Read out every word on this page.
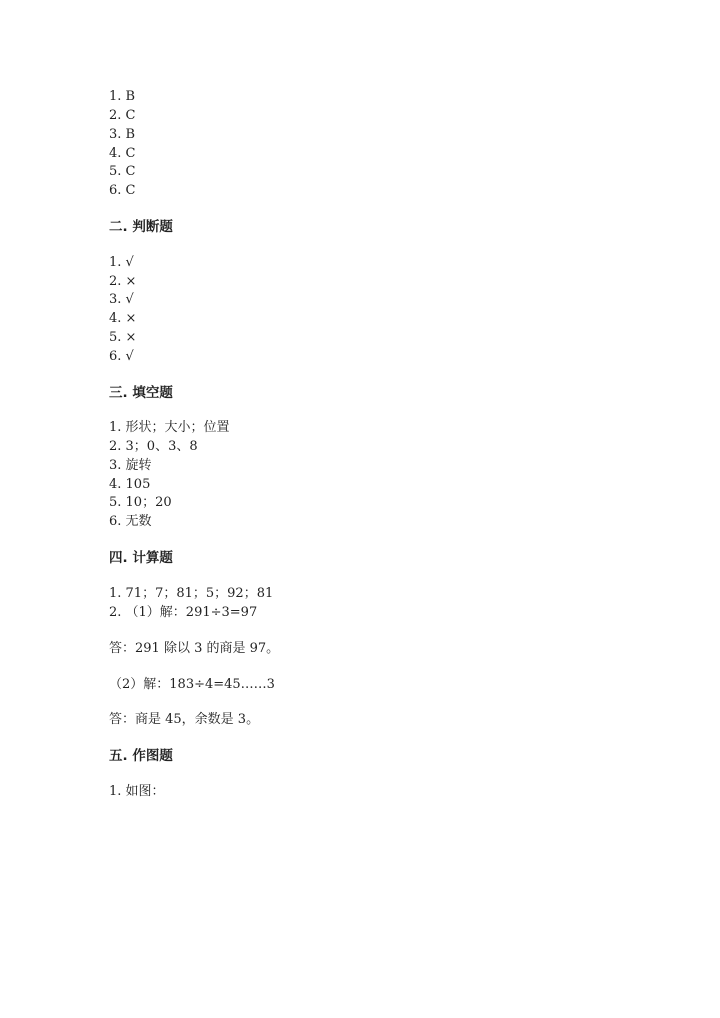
1. B
2. C
3. B
4. C
5. C
6. C
二. 判断题
1. √
2. ×
3. √
4. ×
5. ×
6. √
三. 填空题
1. 形状；大小；位置
2. 3；0、3、8
3. 旋转
4. 105
5. 10；20
6. 无数
四. 计算题
1. 71；7；81；5；92；81
2. （1）解：291÷3=97
答：291 除以 3 的商是 97。
（2）解：183÷4=45……3
答：商是 45，余数是 3。
五. 作图题
1. 如图：
